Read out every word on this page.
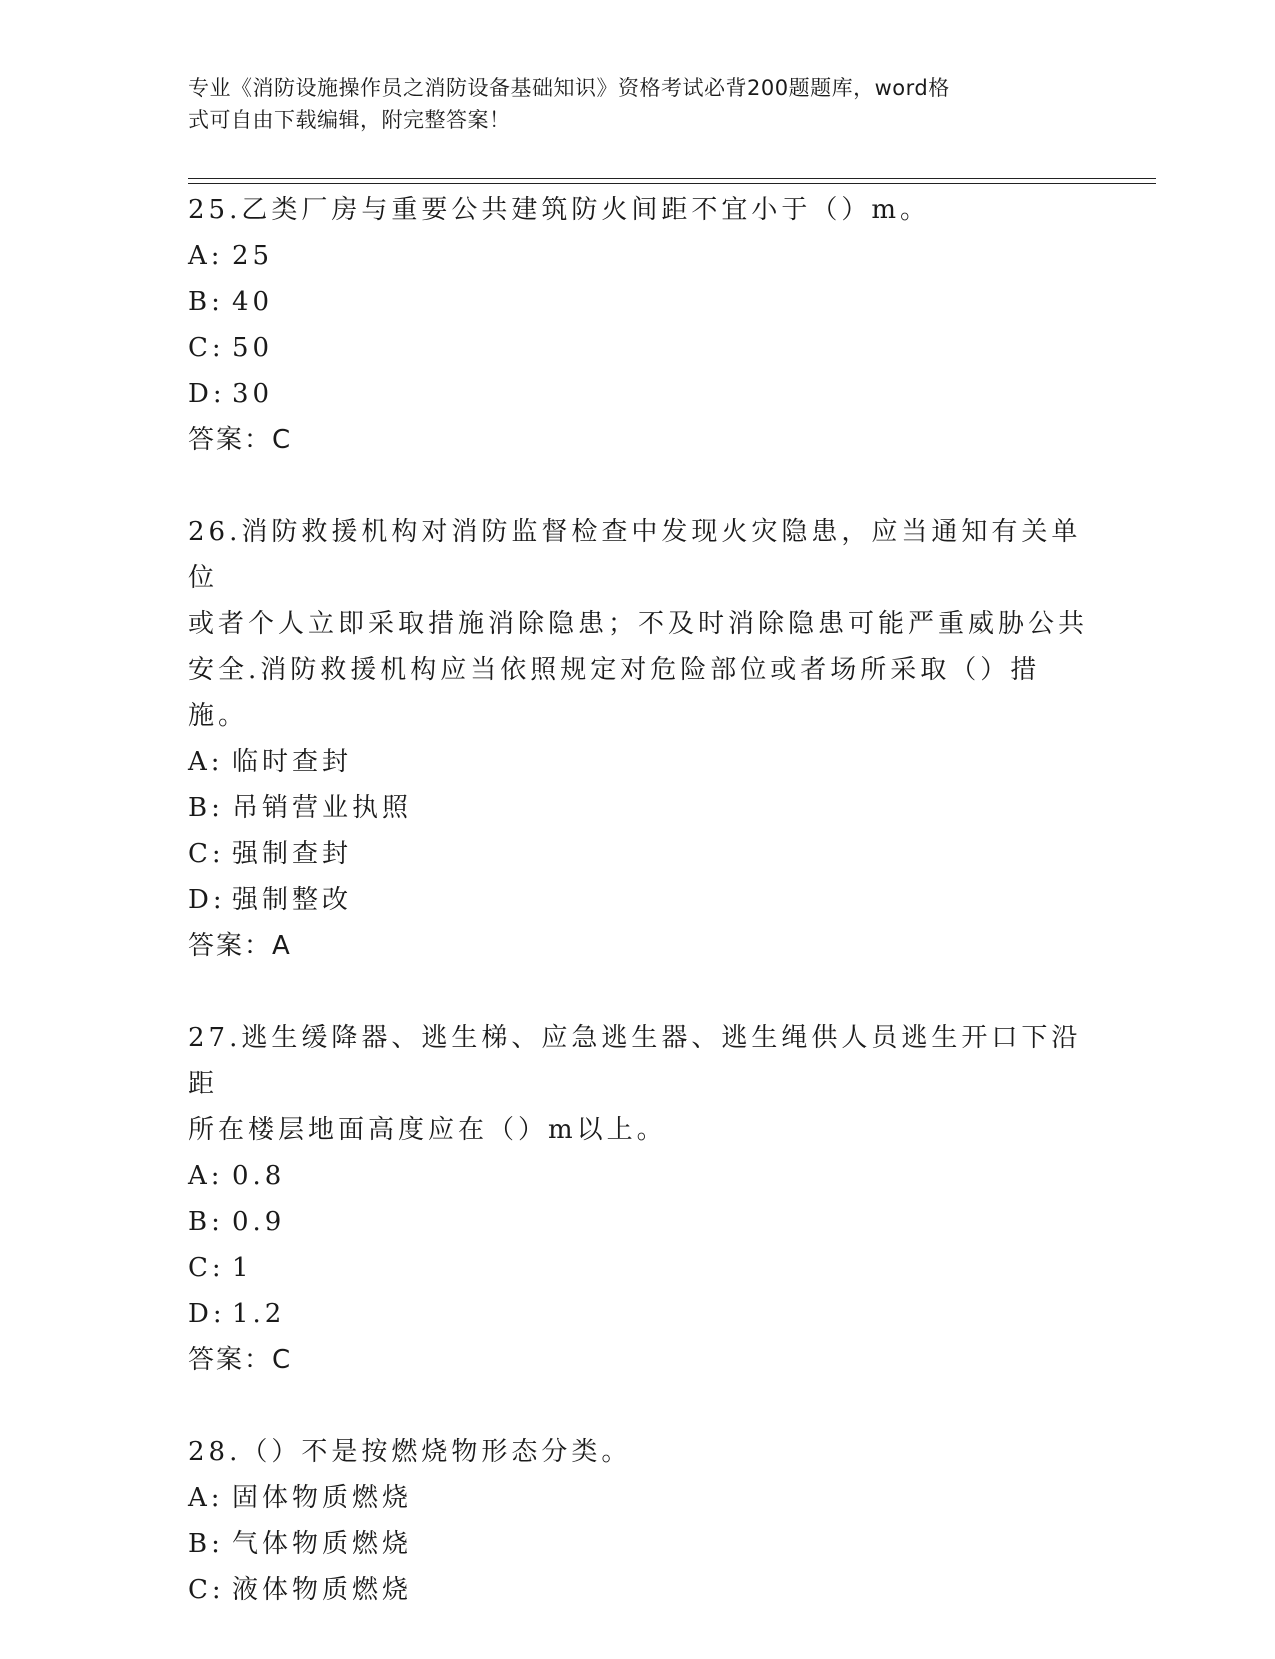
专业《消防设施操作员之消防设备基础知识》资格考试必背200题题库，word格
式可自由下载编辑，附完整答案！

25.乙类厂房与重要公共建筑防火间距不宜小于（）m。

A: 25

B: 40

C: 50

D: 30

答案：C

26.消防救援机构对消防监督检查中发现火灾隐患，应当通知有关单位

或者个人立即采取措施消除隐患；不及时消除隐患可能严重威胁公共

安全.消防救援机构应当依照规定对危险部位或者场所采取（）措施。

A: 临时查封

B: 吊销营业执照

C: 强制查封

D: 强制整改

答案：A

27.逃生缓降器、逃生梯、应急逃生器、逃生绳供人员逃生开口下沿距

所在楼层地面高度应在（）m以上。

A: 0.8

B: 0.9

C: 1

D: 1.2

答案：C

28.（）不是按燃烧物形态分类。

A: 固体物质燃烧

B: 气体物质燃烧

C: 液体物质燃烧
